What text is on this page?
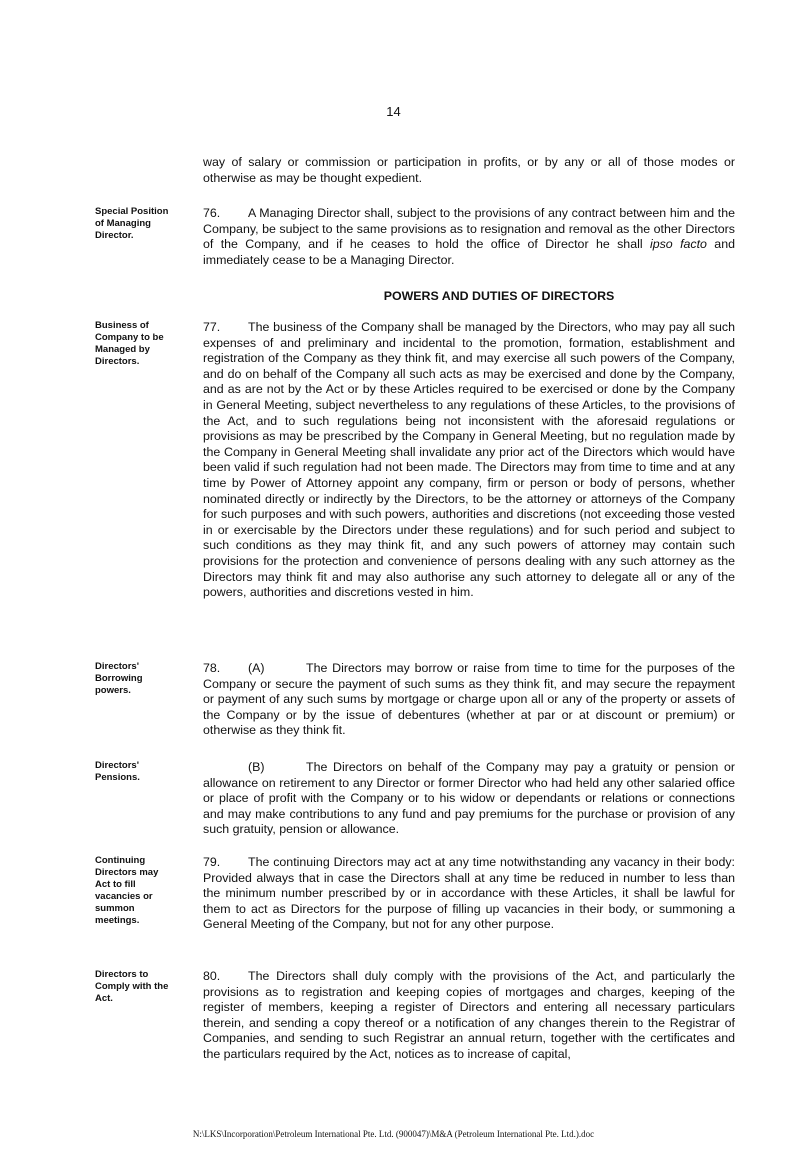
14
way of salary or commission or participation in profits, or by any or all of those modes or otherwise as may be thought expedient.
Special Position of Managing Director.
76. A Managing Director shall, subject to the provisions of any contract between him and the Company, be subject to the same provisions as to resignation and removal as the other Directors of the Company, and if he ceases to hold the office of Director he shall ipso facto and immediately cease to be a Managing Director.
POWERS AND DUTIES OF DIRECTORS
Business of Company to be Managed by Directors.
77. The business of the Company shall be managed by the Directors, who may pay all such expenses of and preliminary and incidental to the promotion, formation, establishment and registration of the Company as they think fit, and may exercise all such powers of the Company, and do on behalf of the Company all such acts as may be exercised and done by the Company, and as are not by the Act or by these Articles required to be exercised or done by the Company in General Meeting, subject nevertheless to any regulations of these Articles, to the provisions of the Act, and to such regulations being not inconsistent with the aforesaid regulations or provisions as may be prescribed by the Company in General Meeting, but no regulation made by the Company in General Meeting shall invalidate any prior act of the Directors which would have been valid if such regulation had not been made. The Directors may from time to time and at any time by Power of Attorney appoint any company, firm or person or body of persons, whether nominated directly or indirectly by the Directors, to be the attorney or attorneys of the Company for such purposes and with such powers, authorities and discretions (not exceeding those vested in or exercisable by the Directors under these regulations) and for such period and subject to such conditions as they may think fit, and any such powers of attorney may contain such provisions for the protection and convenience of persons dealing with any such attorney as the Directors may think fit and may also authorise any such attorney to delegate all or any of the powers, authorities and discretions vested in him.
Directors' Borrowing powers.
78. (A)	The Directors may borrow or raise from time to time for the purposes of the Company or secure the payment of such sums as they think fit, and may secure the repayment or payment of any such sums by mortgage or charge upon all or any of the property or assets of the Company or by the issue of debentures (whether at par or at discount or premium) or otherwise as they think fit.
Directors' Pensions.
(B)	The Directors on behalf of the Company may pay a gratuity or pension or allowance on retirement to any Director or former Director who had held any other salaried office or place of profit with the Company or to his widow or dependants or relations or connections and may make contributions to any fund and pay premiums for the purchase or provision of any such gratuity, pension or allowance.
Continuing Directors may Act to fill vacancies or summon meetings.
79. The continuing Directors may act at any time notwithstanding any vacancy in their body: Provided always that in case the Directors shall at any time be reduced in number to less than the minimum number prescribed by or in accordance with these Articles, it shall be lawful for them to act as Directors for the purpose of filling up vacancies in their body, or summoning a General Meeting of the Company, but not for any other purpose.
Directors to Comply with the Act.
80. The Directors shall duly comply with the provisions of the Act, and particularly the provisions as to registration and keeping copies of mortgages and charges, keeping of the register of members, keeping a register of Directors and entering all necessary particulars therein, and sending a copy thereof or a notification of any changes therein to the Registrar of Companies, and sending to such Registrar an annual return, together with the certificates and the particulars required by the Act, notices as to increase of capital,
N:\LKS\Incorporation\Petroleum International Pte. Ltd. (900047)\M&A (Petroleum International Pte. Ltd.).doc
